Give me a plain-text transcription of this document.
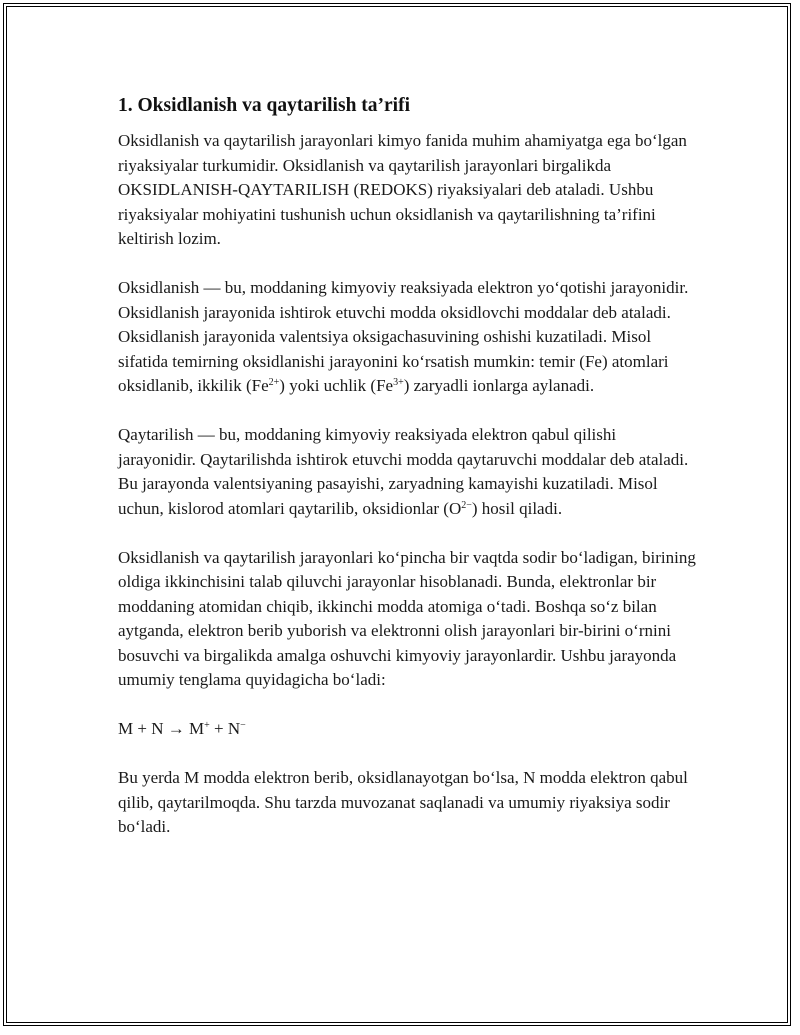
1. Oksidlanish va qaytarilish ta’rifi

Oksidlanish va qaytarilish jarayonlari kimyo fanida muhim ahamiyatga ega bo‘lgan riyaksiyalar turkumidir. Oksidlanish va qaytarilish jarayonlari birgalikda OKSIDLANISH-QAYTARILISH (REDOKS) riyaksiyalari deb ataladi. Ushbu riyaksiyalar mohiyatini tushunish uchun oksidlanish va qaytarilishning ta’rifini keltirish lozim.

Oksidlanish — bu, moddaning kimyoviy reaksiyada elektron yo‘qotishi jarayonidir. Oksidlanish jarayonida ishtirok etuvchi modda oksidlovchi moddalar deb ataladi. Oksidlanish jarayonida valentsiya oksigachasuvining oshishi kuzatiladi. Misol sifatida temirning oksidlanishi jarayonini ko‘rsatish mumkin: temir (Fe) atomlari oksidlanib, ikkilik $(Fe^{2+})$ yoki uchlik $(Fe^{3+})$ zaryadli ionlarga aylanadi.

Qaytarilish — bu, moddaning kimyoviy reaksiyada elektron qabul qilishi jarayonidir. Qaytarilishda ishtirok etuvchi modda qaytaruvchi moddalar deb ataladi. Bu jarayonda valentsiyaning pasayishi, zaryadning kamayishi kuzatiladi. Misol uchun, kislorod atomlari qaytarilib, oksidionlar $(O^{2-})$ hosil qiladi.

Oksidlanish va qaytarilish jarayonlari ko‘pincha bir vaqtda sodir bo‘ladigan, birining oldiga ikkinchisini talab qiluvchi jarayonlar hisoblanadi. Bunda, elektronlar bir moddaning atomidan chiqib, ikkinchi modda atomiga o‘tadi. Boshqa so‘z bilan aytganda, elektron berib yuborish va elektronni olish jarayonlari bir-birini o‘rnini bosuvchi va birgalikda amalga oshuvchi kimyoviy jarayonlardir. Ushbu jarayonda umumiy tenglama quyidagicha bo‘ladi:

M + N → M+ + N−

Bu yerda M modda elektron berib, oksidlanayotgan bo‘lsa, N modda elektron qabul qilib, qaytarilmoqda. Shu tarzda muvozanat saqlanadi va umumiy riyaksiya sodir bo‘ladi.
